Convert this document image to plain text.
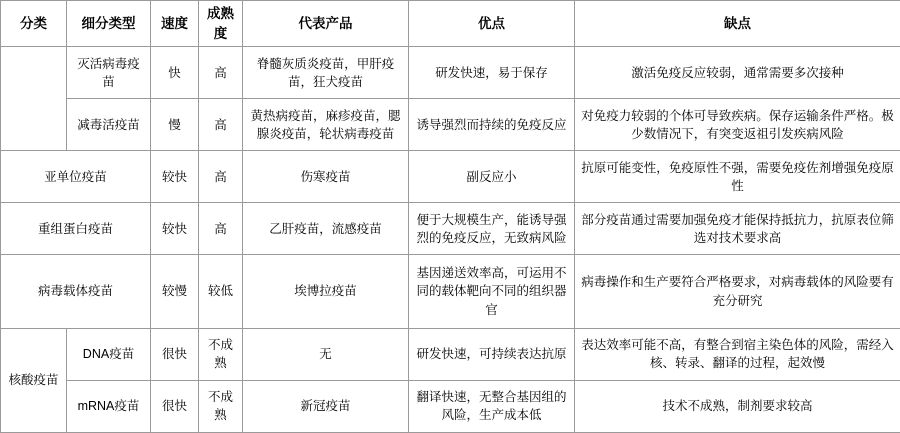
分类	细分类型	速度	成熟度	代表产品	优点	缺点
	灭活病毒疫苗	快	高	脊髓灰质炎疫苗，甲肝疫苗，狂犬疫苗	研发快速，易于保存	激活免疫反应较弱，通常需要多次接种
	减毒活疫苗	慢	高	黄热病疫苗，麻疹疫苗，腮腺炎疫苗，轮状病毒疫苗	诱导强烈而持续的免疫反应	对免疫力较弱的个体可导致疾病。保存运输条件严格。极少数情况下，有突变返祖引发疾病风险
亚单位疫苗		较快	高	伤寒疫苗	副反应小	抗原可能变性，免疫原性不强，需要免疫佐剂增强免疫原性
重组蛋白疫苗		较快	高	乙肝疫苗，流感疫苗	便于大规模生产，能诱导强烈的免疫反应，无致病风险	部分疫苗通过需要加强免疫才能保持抵抗力，抗原表位筛选对技术要求高
病毒载体疫苗		较慢	较低	埃博拉疫苗	基因递送效率高，可运用不同的载体靶向不同的组织器官	病毒操作和生产要符合严格要求，对病毒载体的风险要有充分研究
核酸疫苗	DNA疫苗	很快	不成熟	无	研发快速，可持续表达抗原	表达效率可能不高，有整合到宿主染色体的风险，需经入核、转录、翻译的过程，起效慢
	mRNA疫苗	很快	不成熟	新冠疫苗	翻译快速，无整合基因组的风险，生产成本低	技术不成熟，制剂要求较高
